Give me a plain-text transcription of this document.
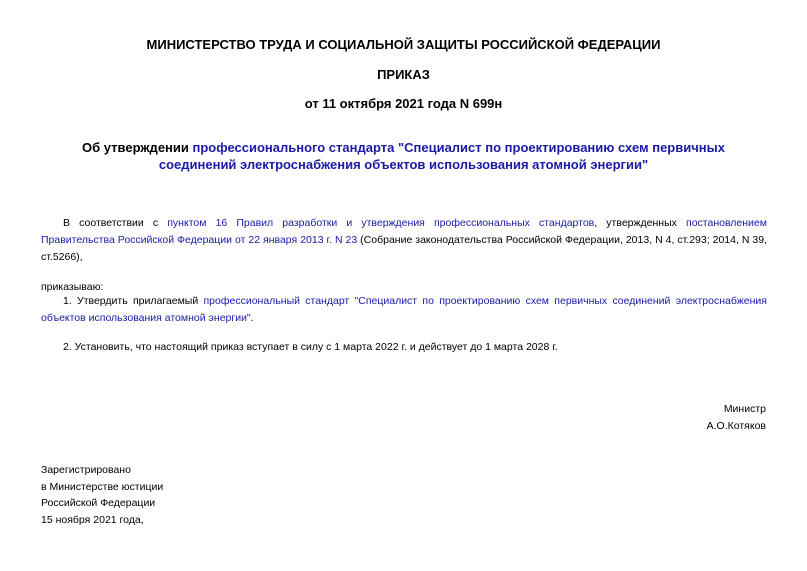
МИНИСТЕРСТВО ТРУДА И СОЦИАЛЬНОЙ ЗАЩИТЫ РОССИЙСКОЙ ФЕДЕРАЦИИ
ПРИКАЗ
от 11 октября 2021 года N 699н
Об утверждении профессионального стандарта "Специалист по проектированию схем первичных соединений электроснабжения объектов использования атомной энергии"
В соответствии с пунктом 16 Правил разработки и утверждения профессиональных стандартов, утвержденных постановлением Правительства Российской Федерации от 22 января 2013 г. N 23 (Собрание законодательства Российской Федерации, 2013, N 4, ст.293; 2014, N 39, ст.5266),
приказываю:
1. Утвердить прилагаемый профессиональный стандарт "Специалист по проектированию схем первичных соединений электроснабжения объектов использования атомной энергии".
2. Установить, что настоящий приказ вступает в силу с 1 марта 2022 г. и действует до 1 марта 2028 г.
Министр
А.О.Котяков
Зарегистрировано
в Министерстве юстиции
Российской Федерации
15 ноября 2021 года,
